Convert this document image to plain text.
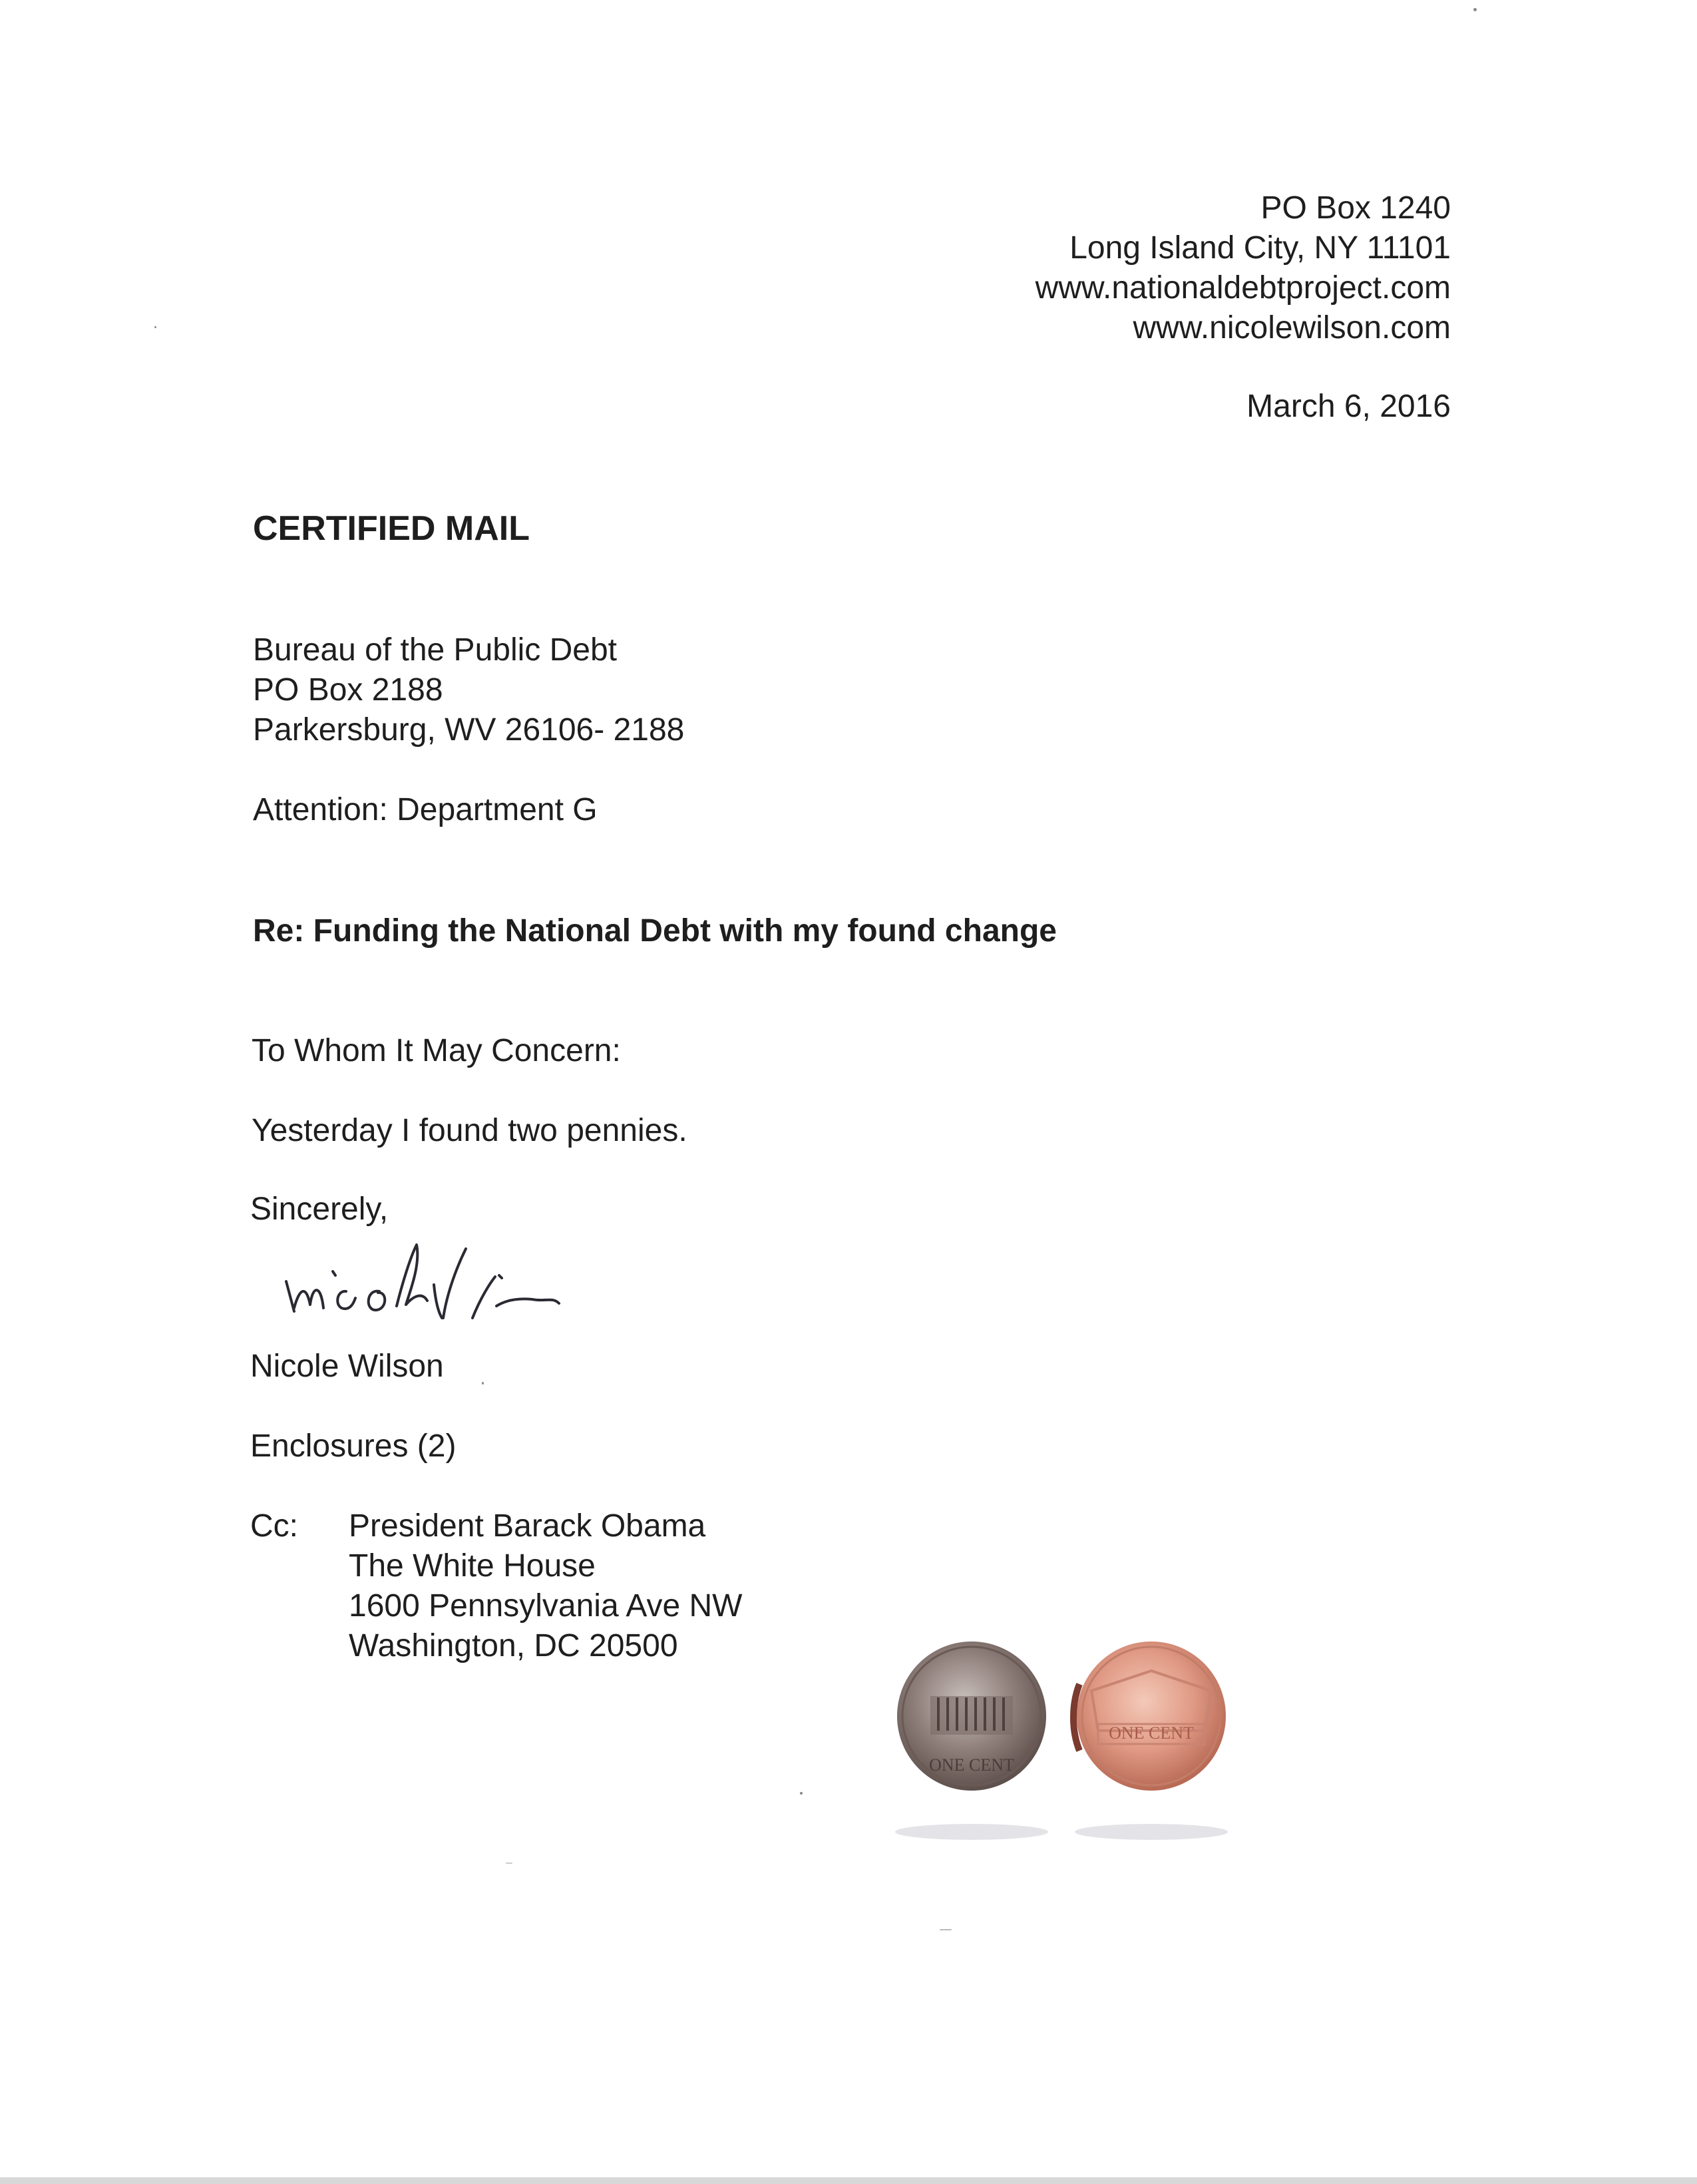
PO Box 1240

Long Island City, NY 11101

www.nationaldebtproject.com

www.nicolewilson.com

March 6, 2016

CERTIFIED MAIL

Bureau of the Public Debt

PO Box 2188

Parkersburg, WV 26106- 2188

Attention: Department G

Re: Funding the National Debt with my found change

To Whom It May Concern:

Yesterday I found two pennies.

Sincerely,

Nicole Wilson

Enclosures (2)

Cc: President Barack Obama

The White House

1600 Pennsylvania Ave NW

Washington, DC 20500

ONE CENT
ONE CENT
